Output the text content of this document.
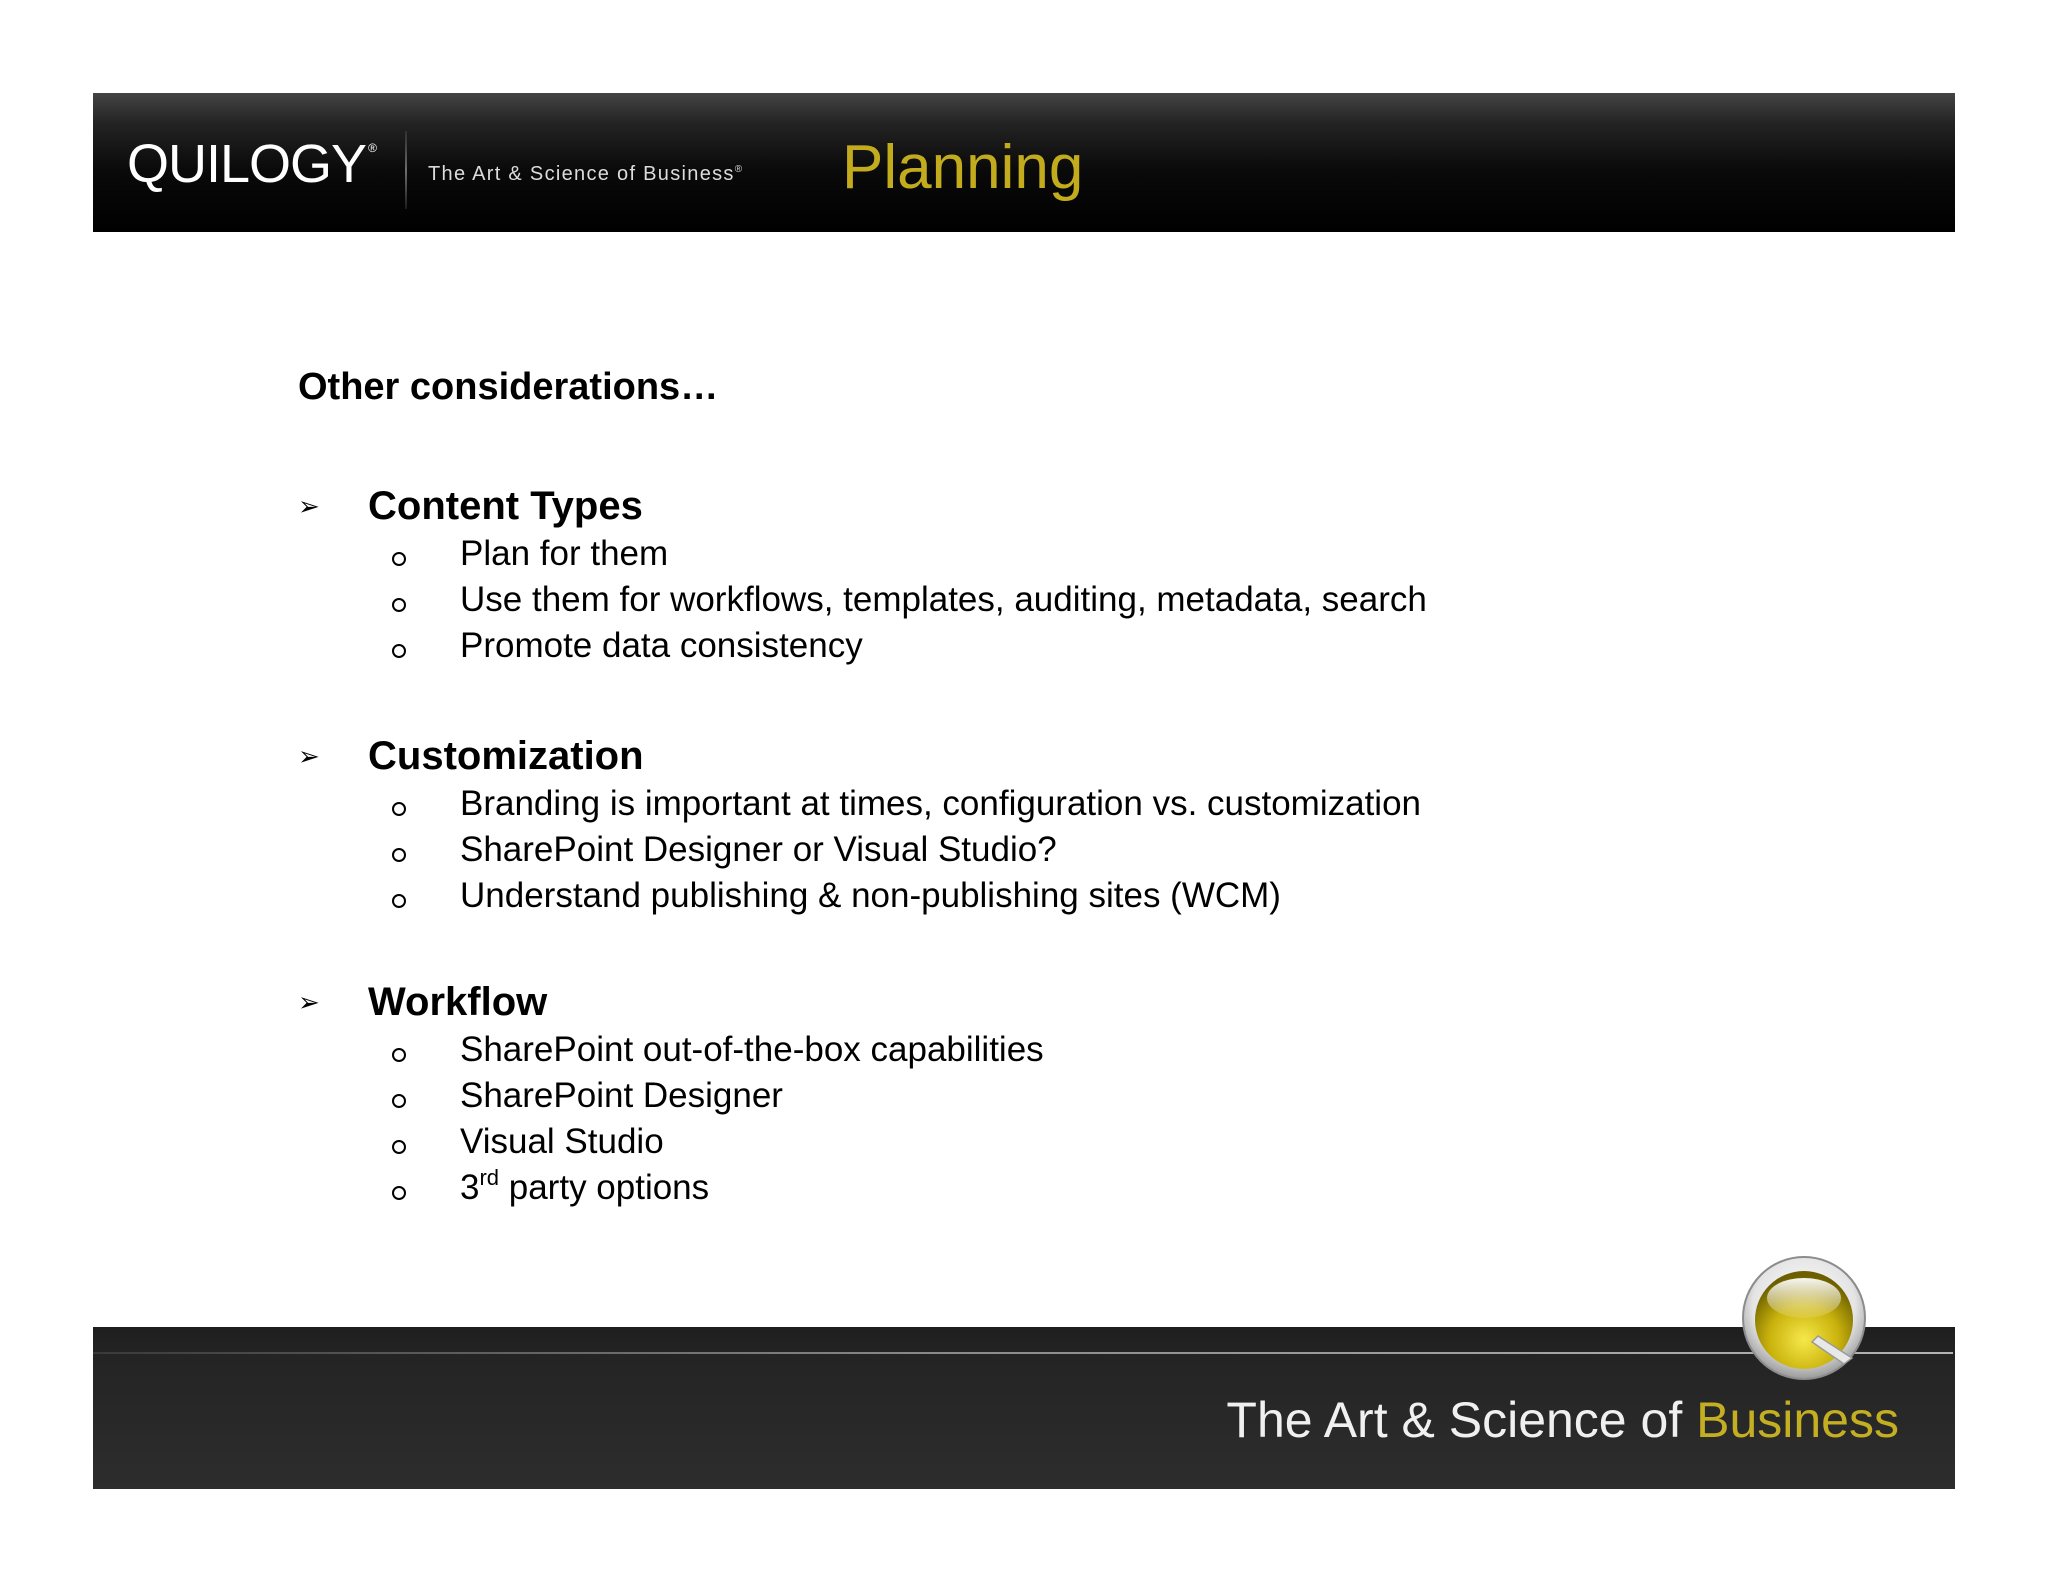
QUILOGY ®
The Art & Science of Business® Planning
Other considerations…
➢	Content Types
Plan for them
Use them for workflows, templates, auditing, metadata, search
Promote data consistency
➢	Customization
Branding is important at times, configuration vs. customization
SharePoint Designer or Visual Studio?
Understand publishing & non-publishing sites (WCM)
➢	Workflow
SharePoint out-of-the-box capabilities
SharePoint Designer
Visual Studio
3rd party options
The Art & Science of Business
